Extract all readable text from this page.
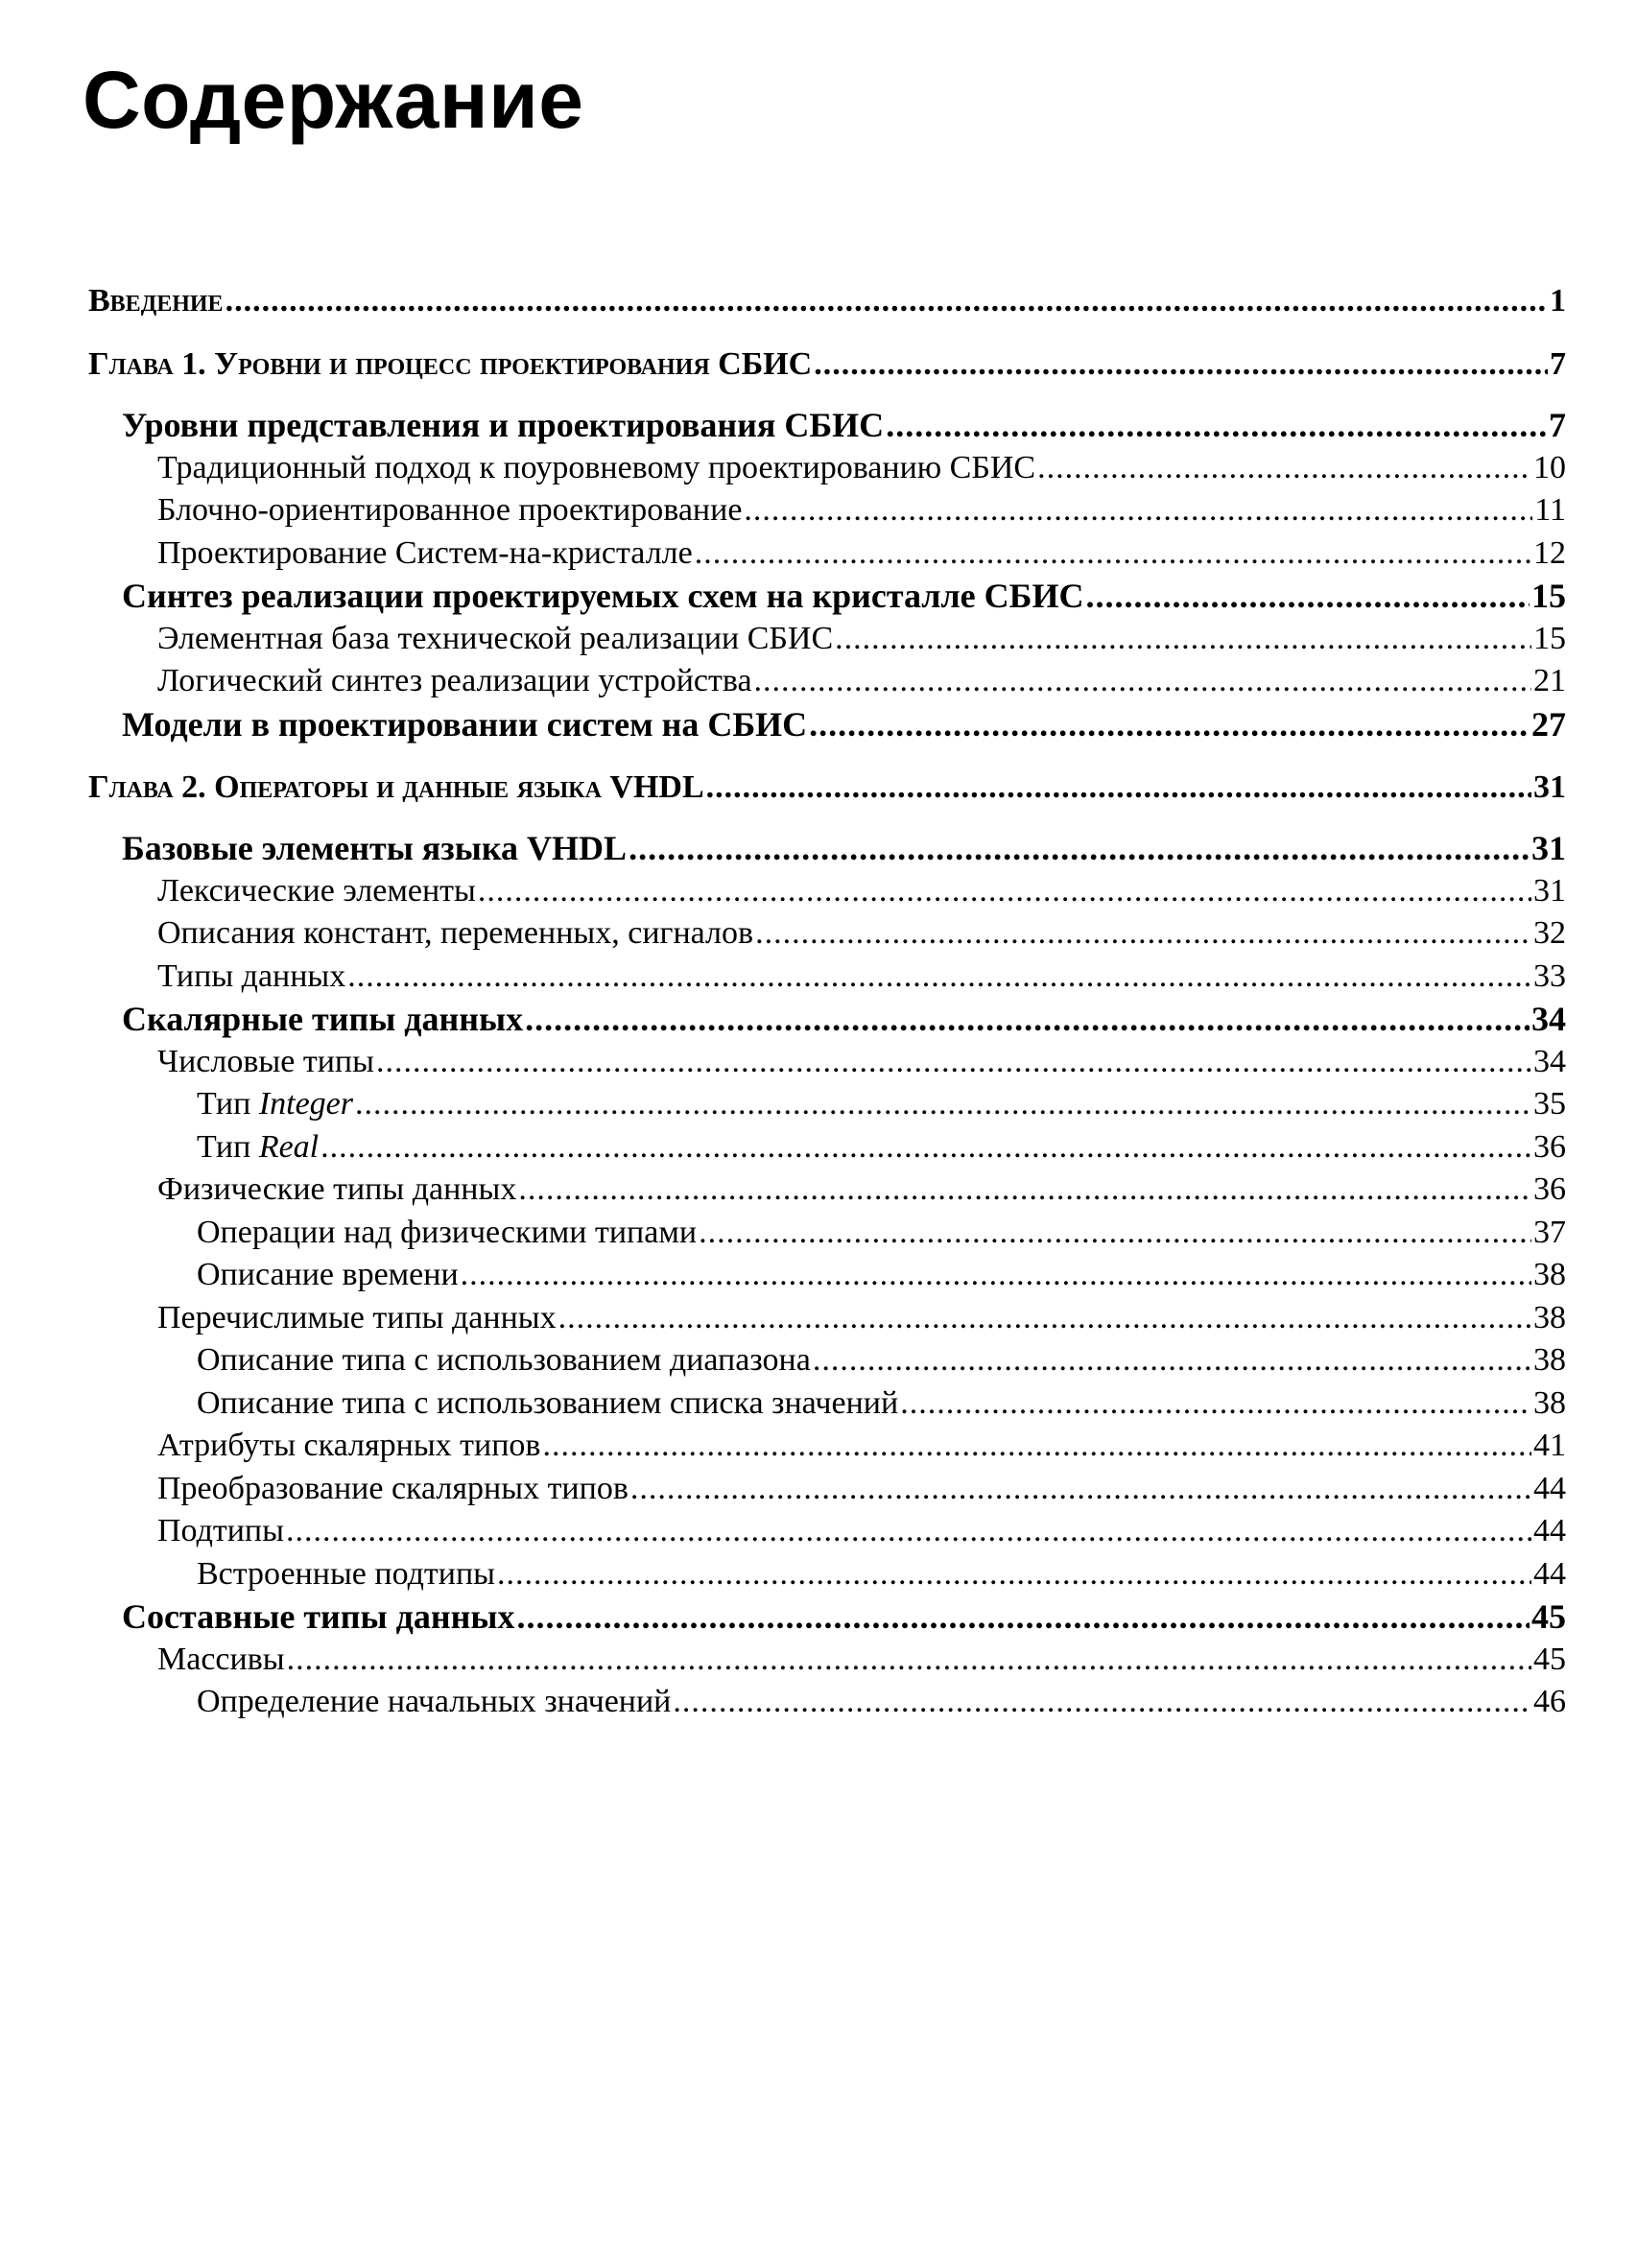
Содержание
Введение .....	1
Глава 1. Уровни и процесс проектирования СБИС .....	7
Уровни представления и проектирования СБИС .....	7
Традиционный подход к поуровневому проектированию СБИС .....	10
Блочно-ориентированное проектирование .....	11
Проектирование Систем-на-кристалле .....	12
Синтез реализации проектируемых схем на кристалле СБИС .....	15
Элементная база технической реализации СБИС .....	15
Логический синтез реализации устройства .....	21
Модели в проектировании систем на СБИС .....	27
Глава 2. Операторы и данные языка VHDL .....	31
Базовые элементы языка VHDL .....	31
Лексические элементы .....	31
Описания констант, переменных, сигналов .....	32
Типы данных .....	33
Скалярные типы данных .....	34
Числовые типы .....	34
Тип Integer .....	35
Тип Real .....	36
Физические типы данных .....	36
Операции над физическими типами .....	37
Описание времени .....	38
Перечислимые типы данных .....	38
Описание типа с использованием диапазона .....	38
Описание типа с использованием списка значений .....	38
Атрибуты скалярных типов .....	41
Преобразование скалярных типов .....	44
Подтипы .....	44
Встроенные подтипы .....	44
Составные типы данных .....	45
Массивы .....	45
Определение начальных значений .....	46
